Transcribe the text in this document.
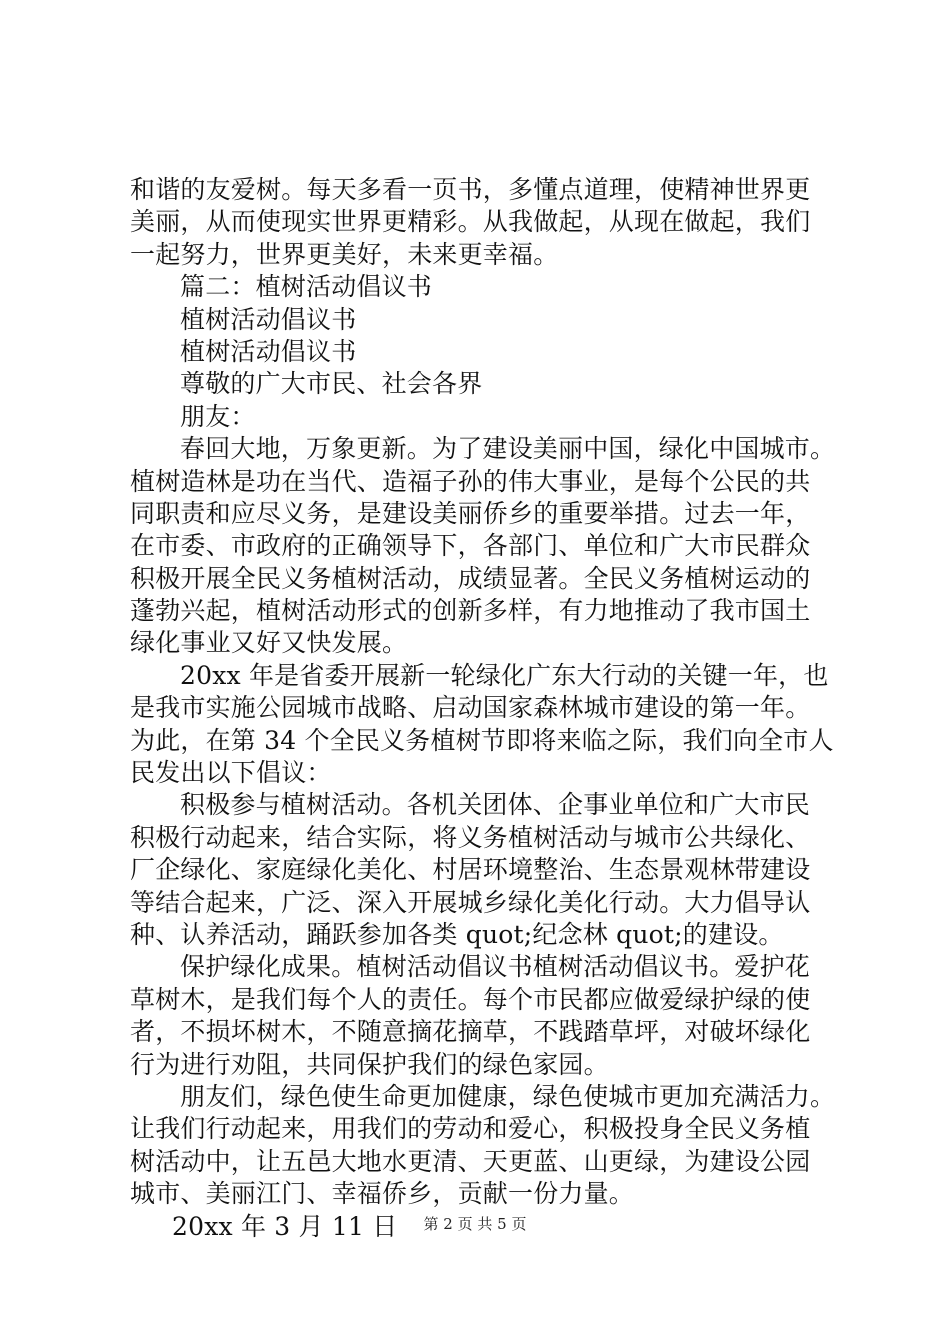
和谐的友爱树。每天多看一页书，多懂点道理，使精神世界更
美丽，从而使现实世界更精彩。从我做起，从现在做起，我们
一起努力，世界更美好，未来更幸福。
篇二：植树活动倡议书
植树活动倡议书
植树活动倡议书
尊敬的广大市民、社会各界
朋友：
春回大地，万象更新。为了建设美丽中国，绿化中国城市。
植树造林是功在当代、造福子孙的伟大事业，是每个公民的共
同职责和应尽义务，是建设美丽侨乡的重要举措。过去一年，
在市委、市政府的正确领导下，各部门、单位和广大市民群众
积极开展全民义务植树活动，成绩显著。全民义务植树运动的
蓬勃兴起，植树活动形式的创新多样，有力地推动了我市国土
绿化事业又好又快发展。
20xx 年是省委开展新一轮绿化广东大行动的关键一年，也
是我市实施公园城市战略、启动国家森林城市建设的第一年。
为此，在第 34 个全民义务植树节即将来临之际，我们向全市人
民发出以下倡议：
积极参与植树活动。各机关团体、企事业单位和广大市民
积极行动起来，结合实际，将义务植树活动与城市公共绿化、
厂企绿化、家庭绿化美化、村居环境整治、生态景观林带建设
等结合起来，广泛、深入开展城乡绿化美化行动。大力倡导认
种、认养活动，踊跃参加各类 quot;纪念林 quot;的建设。
保护绿化成果。植树活动倡议书植树活动倡议书。爱护花
草树木，是我们每个人的责任。每个市民都应做爱绿护绿的使
者，不损坏树木，不随意摘花摘草，不践踏草坪，对破坏绿化
行为进行劝阻，共同保护我们的绿色家园。
朋友们，绿色使生命更加健康，绿色使城市更加充满活力。
让我们行动起来，用我们的劳动和爱心，积极投身全民义务植
树活动中，让五邑大地水更清、天更蓝、山更绿，为建设公园
城市、美丽江门、幸福侨乡，贡献一份力量。
20xx 年 3 月 11 日	第 2 页 共 5 页
